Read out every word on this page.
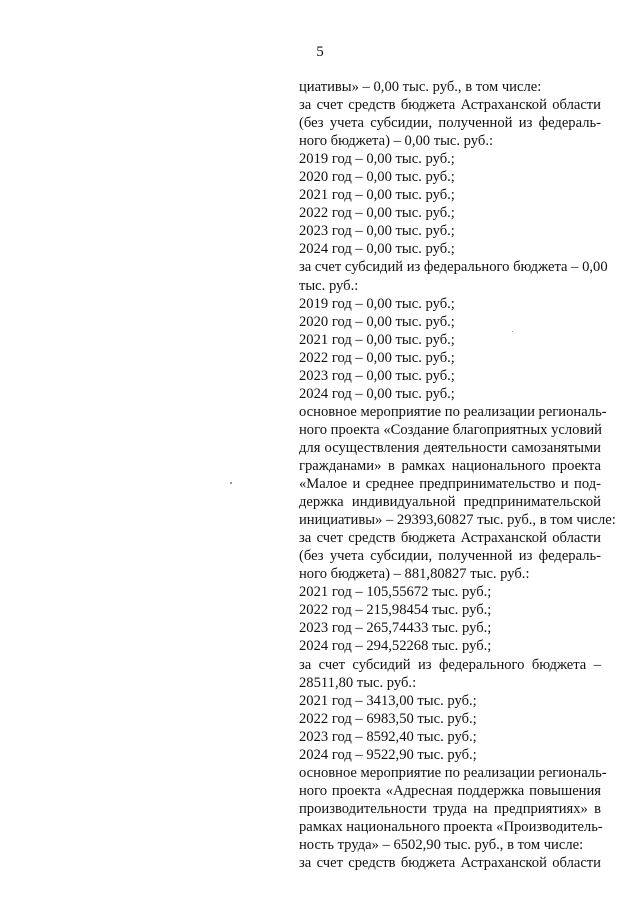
5
циативы» – 0,00 тыс. руб., в том числе:
за счет средств бюджета Астраханской области
(без учета субсидии, полученной из федераль-
ного бюджета) – 0,00 тыс. руб.:
2019 год – 0,00 тыс. руб.;
2020 год – 0,00 тыс. руб.;
2021 год – 0,00 тыс. руб.;
2022 год – 0,00 тыс. руб.;
2023 год – 0,00 тыс. руб.;
2024 год – 0,00 тыс. руб.;
за счет субсидий из федерального бюджета – 0,00
тыс. руб.:
2019 год – 0,00 тыс. руб.;
2020 год – 0,00 тыс. руб.;
2021 год – 0,00 тыс. руб.;
2022 год – 0,00 тыс. руб.;
2023 год – 0,00 тыс. руб.;
2024 год – 0,00 тыс. руб.;
основное мероприятие по реализации региональ-
ного проекта «Создание благоприятных условий
для осуществления деятельности самозанятыми
гражданами» в рамках национального проекта
«Малое и среднее предпринимательство и под-
держка индивидуальной предпринимательской
инициативы» – 29393,60827 тыс. руб., в том числе:
за счет средств бюджета Астраханской области
(без учета субсидии, полученной из федераль-
ного бюджета) – 881,80827 тыс. руб.:
2021 год – 105,55672 тыс. руб.;
2022 год – 215,98454 тыс. руб.;
2023 год – 265,74433 тыс. руб.;
2024 год – 294,52268 тыс. руб.;
за счет субсидий из федерального бюджета –
28511,80 тыс. руб.:
2021 год – 3413,00 тыс. руб.;
2022 год – 6983,50 тыс. руб.;
2023 год – 8592,40 тыс. руб.;
2024 год – 9522,90 тыс. руб.;
основное мероприятие по реализации региональ-
ного проекта «Адресная поддержка повышения
производительности труда на предприятиях» в
рамках национального проекта «Производитель-
ность труда» – 6502,90 тыс. руб., в том числе:
за счет средств бюджета Астраханской области
